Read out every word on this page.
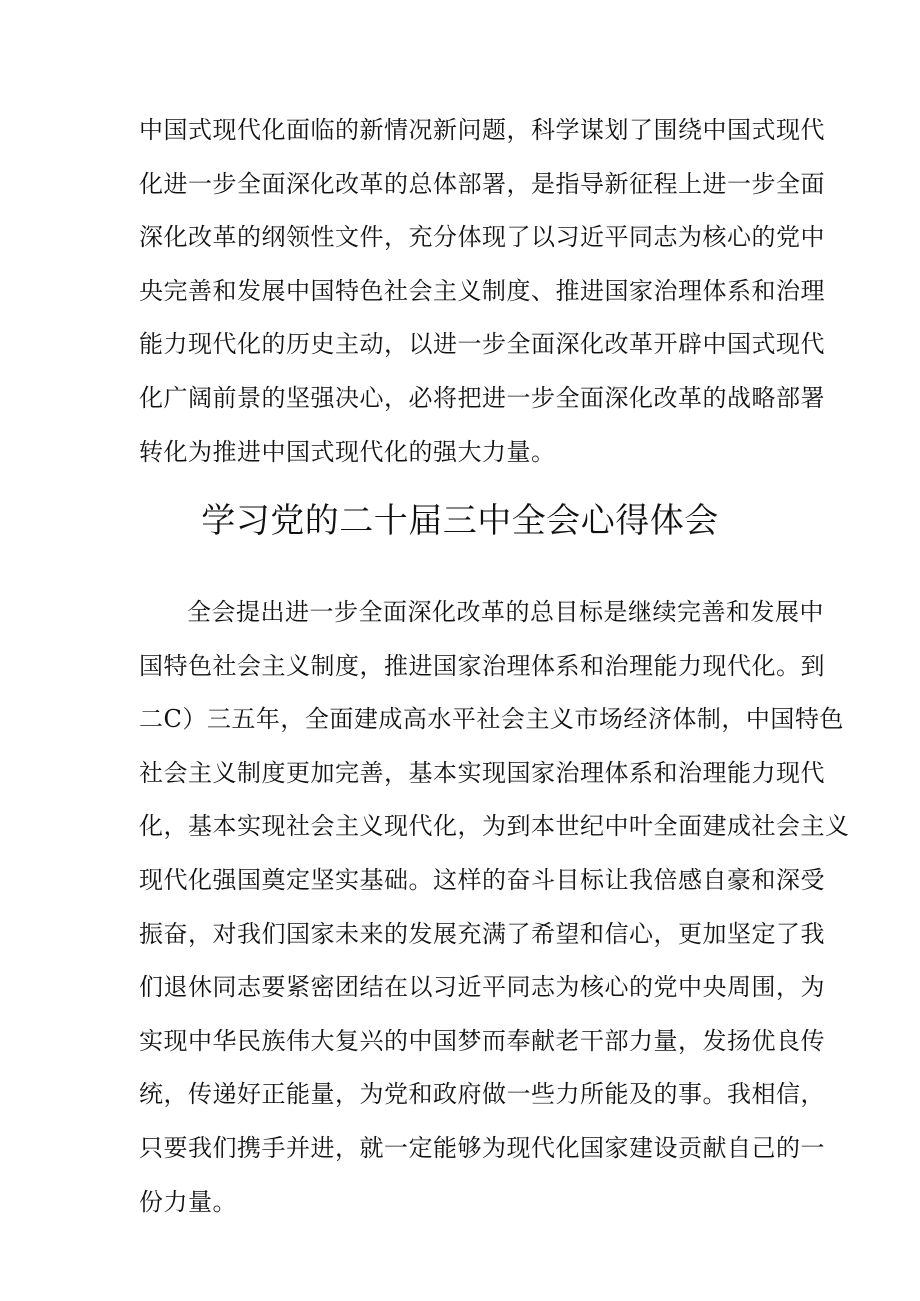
中国式现代化面临的新情况新问题，科学谋划了围绕中国式现代
化进一步全面深化改革的总体部署，是指导新征程上进一步全面
深化改革的纲领性文件，充分体现了以习近平同志为核心的党中
央完善和发展中国特色社会主义制度、推进国家治理体系和治理
能力现代化的历史主动，以进一步全面深化改革开辟中国式现代
化广阔前景的坚强决心，必将把进一步全面深化改革的战略部署
转化为推进中国式现代化的强大力量。
学习党的二十届三中全会心得体会
全会提出进一步全面深化改革的总目标是继续完善和发展中
国特色社会主义制度，推进国家治理体系和治理能力现代化。到
二C）三五年，全面建成高水平社会主义市场经济体制，中国特色
社会主义制度更加完善，基本实现国家治理体系和治理能力现代
化，基本实现社会主义现代化，为到本世纪中叶全面建成社会主义
现代化强国奠定坚实基础。这样的奋斗目标让我倍感自豪和深受
振奋，对我们国家未来的发展充满了希望和信心，更加坚定了我
们退休同志要紧密团结在以习近平同志为核心的党中央周围，为
实现中华民族伟大复兴的中国梦而奉献老干部力量，发扬优良传
统，传递好正能量，为党和政府做一些力所能及的事。我相信，
只要我们携手并进，就一定能够为现代化国家建设贡献自己的一
份力量。
